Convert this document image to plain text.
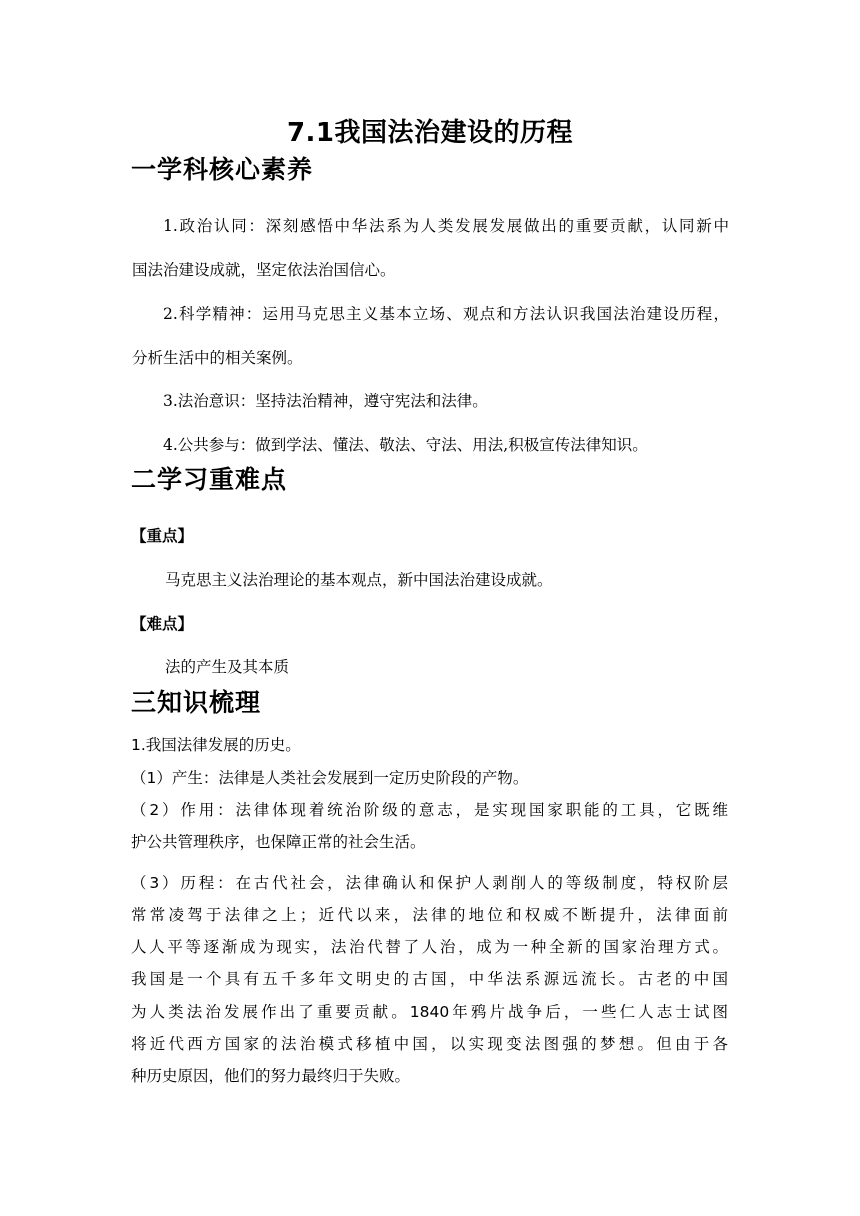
7.1我国法治建设的历程
一学科核心素养
1.政治认同：深刻感悟中华法系为人类发展发展做出的重要贡献，认同新中
国法治建设成就，坚定依法治国信心。
2.科学精神：运用马克思主义基本立场、观点和方法认识我国法治建设历程，
分析生活中的相关案例。
3.法治意识：坚持法治精神，遵守宪法和法律。
4.公共参与：做到学法、懂法、敬法、守法、用法,积极宣传法律知识。
二学习重难点
【重点】
马克思主义法治理论的基本观点，新中国法治建设成就。
【难点】
法的产生及其本质
三知识梳理
1.我国法律发展的历史。
（1）产生：法律是人类社会发展到一定历史阶段的产物。
（2）作用：法律体现着统治阶级的意志，是实现国家职能的工具，它既维
护公共管理秩序，也保障正常的社会生活。
（3）历程：在古代社会，法律确认和保护人剥削人的等级制度，特权阶层
常常凌驾于法律之上；近代以来，法律的地位和权威不断提升，法律面前
人人平等逐渐成为现实，法治代替了人治，成为一种全新的国家治理方式。
我国是一个具有五千多年文明史的古国，中华法系源远流长。古老的中国
为人类法治发展作出了重要贡献。1840年鸦片战争后，一些仁人志士试图
将近代西方国家的法治模式移植中国，以实现变法图强的梦想。但由于各
种历史原因，他们的努力最终归于失败。
